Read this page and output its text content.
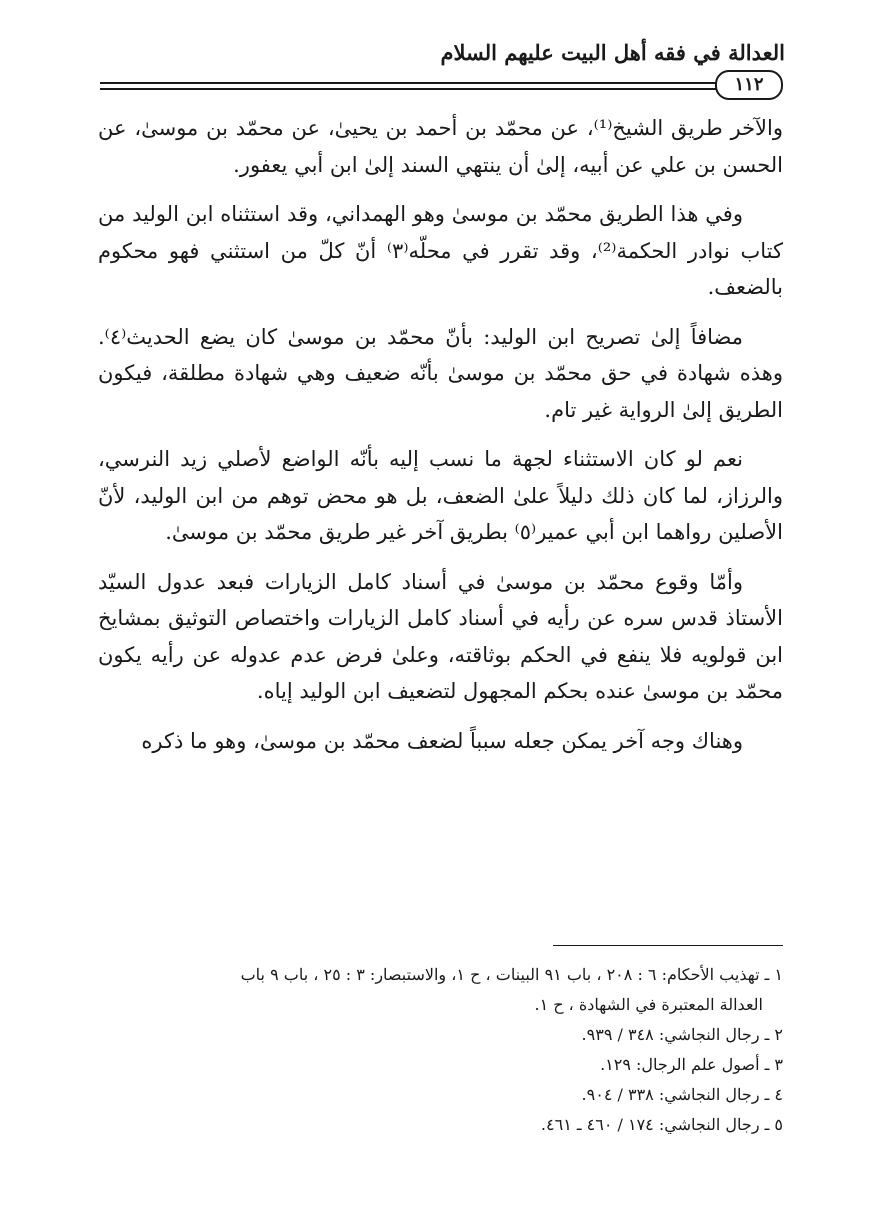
العدالة في فقه أهل البيت عليهم السلام
١١٢

والآخر طريق الشيخ⁽¹⁾، عن محمّد بن أحمد بن يحيىٰ، عن محمّد بن موسىٰ، عن الحسن بن علي عن أبيه، إلىٰ أن ينتهي السند إلىٰ ابن أبي يعفور.

وفي هذا الطريق محمّد بن موسىٰ وهو الهمداني، وقد استثناه ابن الوليد من كتاب نوادر الحكمة⁽²⁾، وقد تقرر في محلّه⁽٣⁾ أنّ كلّ من استثني فهو محكوم بالضعف.

مضافاً إلىٰ تصريح ابن الوليد: بأنّ محمّد بن موسىٰ كان يضع الحديث⁽٤⁾. وهذه شهادة في حق محمّد بن موسىٰ بأنّه ضعيف وهي شهادة مطلقة، فيكون الطريق إلىٰ الرواية غير تام.

نعم لو كان الاستثناء لجهة ما نسب إليه بأنّه الواضع لأصلي زيد النرسي، والرزاز، لما كان ذلك دليلاً علىٰ الضعف، بل هو محض توهم من ابن الوليد، لأنّ الأصلين رواهما ابن أبي عمير⁽٥⁾ بطريق آخر غير طريق محمّد بن موسىٰ.

وأمّا وقوع محمّد بن موسىٰ في أسناد كامل الزيارات فبعد عدول السيّد الأستاذ قدس سره عن رأيه في أسناد كامل الزيارات واختصاص التوثيق بمشايخ ابن قولويه فلا ينفع في الحكم بوثاقته، وعلىٰ فرض عدم عدوله عن رأيه يكون محمّد بن موسىٰ عنده بحكم المجهول لتضعيف ابن الوليد إياه.

وهناك وجه آخر يمكن جعله سبباً لضعف محمّد بن موسىٰ، وهو ما ذكره

١ ـ تهذيب الأحكام: ٦ : ٢٠٨ ، باب ٩١ البينات ، ح ١، والاستبصار: ٣ : ٢٥ ، باب ٩ باب
العدالة المعتبرة في الشهادة ، ح ١.
٢ ـ رجال النجاشي: ٣٤٨ / ٩٣٩.
٣ ـ أصول علم الرجال: ١٢٩.
٤ ـ رجال النجاشي: ٣٣٨ / ٩٠٤.
٥ ـ رجال النجاشي: ١٧٤ / ٤٦٠ ـ ٤٦١.
